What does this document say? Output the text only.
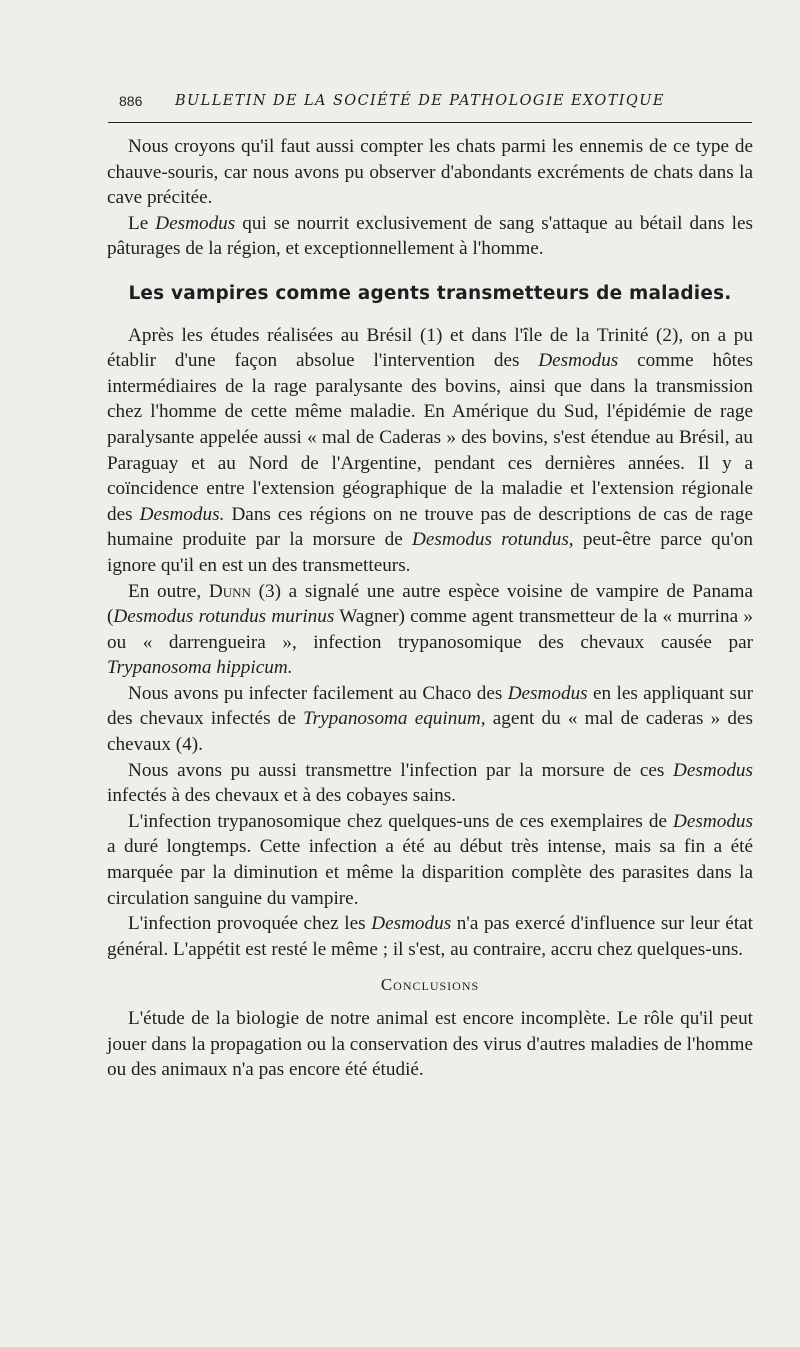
886 BULLETIN DE LA SOCIÉTÉ DE PATHOLOGIE EXOTIQUE

Nous croyons qu'il faut aussi compter les chats parmi les ennemis de ce type de chauve-souris, car nous avons pu observer d'abondants excréments de chats dans la cave précitée.

Le Desmodus qui se nourrit exclusivement de sang s'attaque au bétail dans les pâturages de la région, et exceptionnellement à l'homme.

Les vampires comme agents transmetteurs de maladies.

Après les études réalisées au Brésil (1) et dans l'île de la Trinité (2), on a pu établir d'une façon absolue l'intervention des Desmodus comme hôtes intermédiaires de la rage paralysante des bovins, ainsi que dans la transmission chez l'homme de cette même maladie. En Amérique du Sud, l'épidémie de rage paralysante appelée aussi « mal de Caderas » des bovins, s'est étendue au Brésil, au Paraguay et au Nord de l'Argentine, pendant ces dernières années. Il y a coïncidence entre l'extension géographique de la maladie et l'extension régionale des Desmodus. Dans ces régions on ne trouve pas de descriptions de cas de rage humaine produite par la morsure de Desmodus rotundus, peut-être parce qu'on ignore qu'il en est un des transmetteurs.

En outre, Dunn (3) a signalé une autre espèce voisine de vampire de Panama (Desmodus rotundus murinus Wagner) comme agent transmetteur de la « murrina » ou « darrengueira », infection trypanosomique des chevaux causée par Trypanosoma hippicum.

Nous avons pu infecter facilement au Chaco des Desmodus en les appliquant sur des chevaux infectés de Trypanosoma equinum, agent du « mal de caderas » des chevaux (4).

Nous avons pu aussi transmettre l'infection par la morsure de ces Desmodus infectés à des chevaux et à des cobayes sains.

L'infection trypanosomique chez quelques-uns de ces exemplaires de Desmodus a duré longtemps. Cette infection a été au début très intense, mais sa fin a été marquée par la diminution et même la disparition complète des parasites dans la circulation sanguine du vampire.

L'infection provoquée chez les Desmodus n'a pas exercé d'influence sur leur état général. L'appétit est resté le même ; il s'est, au contraire, accru chez quelques-uns.

Conclusions

L'étude de la biologie de notre animal est encore incomplète. Le rôle qu'il peut jouer dans la propagation ou la conservation des virus d'autres maladies de l'homme ou des animaux n'a pas encore été étudié.
